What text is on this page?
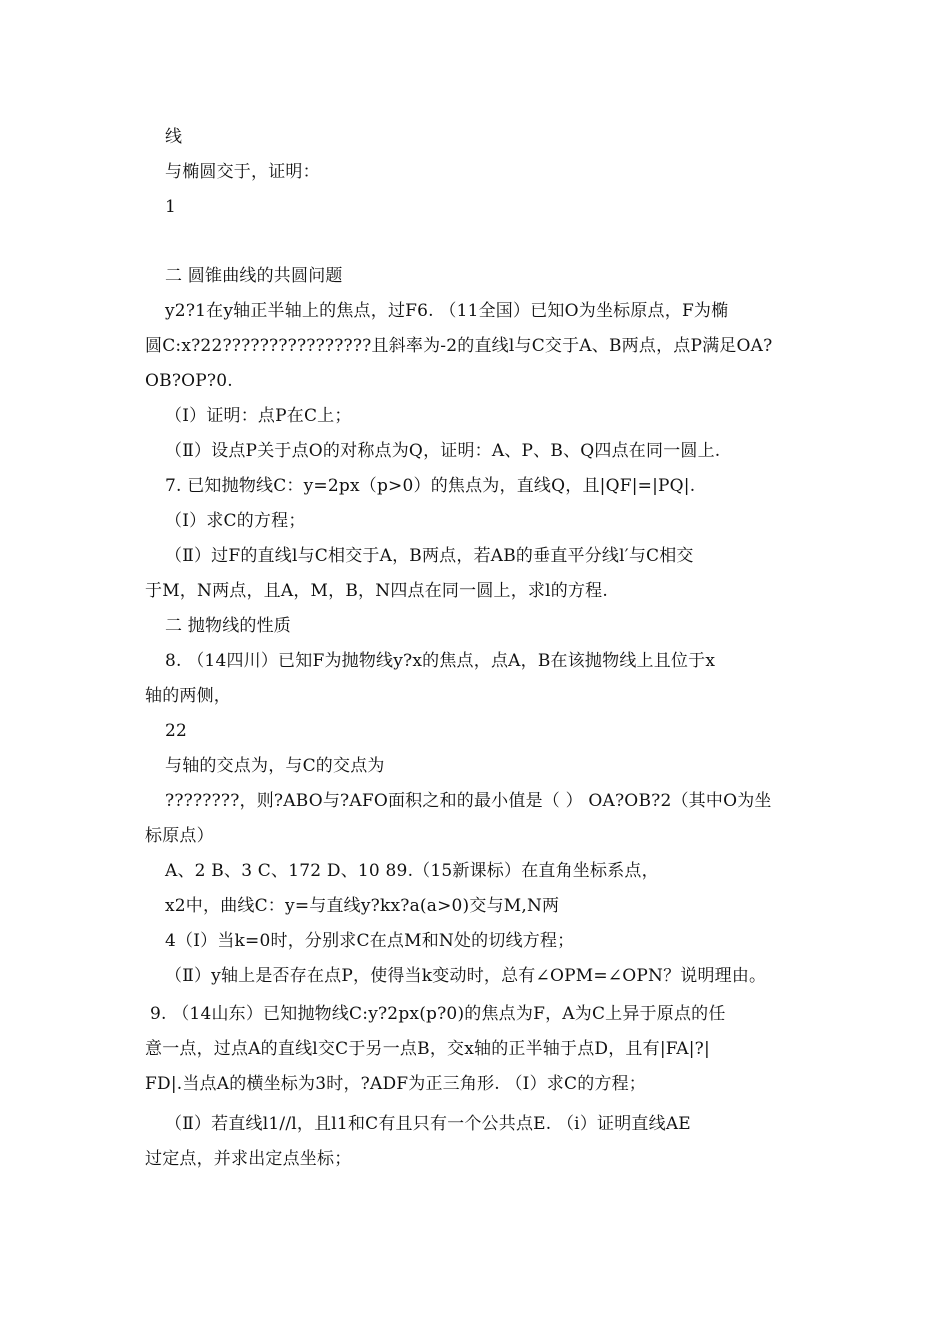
线
与椭圆交于，证明：
1
二 圆锥曲线的共圆问题
y2?1在y轴正半轴上的焦点，过F6. （11全国）已知O为坐标原点，F为椭
圆C:x?22????????????????且斜率为-2的直线l与C交于A、B两点，点P满足OA?
OB?OP?0.
（Ⅰ）证明：点P在C上；
（Ⅱ）设点P关于点O的对称点为Q，证明：A、P、B、Q四点在同一圆上.
7. 已知抛物线C：y=2px（p>0）的焦点为，直线Q，且|QF|=|PQ|.
（Ⅰ）求C的方程；
（Ⅱ）过F的直线l与C相交于A，B两点，若AB的垂直平分线l′与C相交
于M，N两点，且A，M，B，N四点在同一圆上，求l的方程.
二 抛物线的性质
8. （14四川）已知F为抛物线y?x的焦点，点A，B在该抛物线上且位于x
轴的两侧，
22
与轴的交点为，与C的交点为
????????，则?ABO与?AFO面积之和的最小值是（ ） OA?OB?2（其中O为坐
标原点）
A、2 B、3 C、172 D、10 89.（15新课标）在直角坐标系点，
x2中，曲线C：y=与直线y?kx?a(a>0)交与M,N两
4（Ⅰ）当k=0时，分别求C在点M和N处的切线方程；
（Ⅱ）y轴上是否存在点P，使得当k变动时，总有∠OPM=∠OPN？说明理由。
9. （14山东）已知抛物线C:y?2px(p?0)的焦点为F，A为C上异于原点的任
意一点，过点A的直线l交C于另一点B，交x轴的正半轴于点D，且有|FA|?|
FD|.当点A的横坐标为3时，?ADF为正三角形. （Ⅰ）求C的方程；
（Ⅱ）若直线l1//l，且l1和C有且只有一个公共点E. （ⅰ）证明直线AE
过定点，并求出定点坐标；
